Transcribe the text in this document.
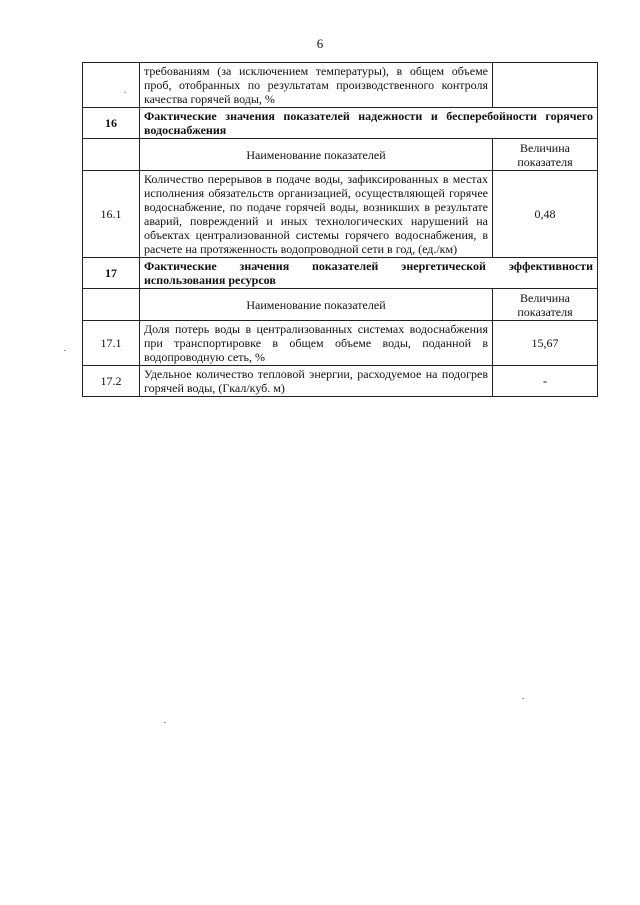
6
	требованиям (за исключением температуры), в общем объеме проб, отобранных по результатам производственного контроля качества горячей воды, %	
16	Фактические значения показателей надежности и бесперебойности горячего водоснабжения	
	Наименование показателей	Величина показателя
16.1	Количество перерывов в подаче воды, зафиксированных в местах исполнения обязательств организацией, осуществляющей горячее водоснабжение, по подаче горячей воды, возникших в результате аварий, повреждений и иных технологических нарушений на объектах централизованной системы горячего водоснабжения, в расчете на протяженность водопроводной сети в год, (ед./км)	0,48
17	Фактические значения показателей энергетической эффективности использования ресурсов	
	Наименование показателей	Величина показателя
17.1	Доля потерь воды в централизованных системах водоснабжения при транспортировке в общем объеме воды, поданной в водопроводную сеть, %	15,67
17.2	Удельное количество тепловой энергии, расходуемое на подогрев горячей воды, (Гкал/куб. м)	-
